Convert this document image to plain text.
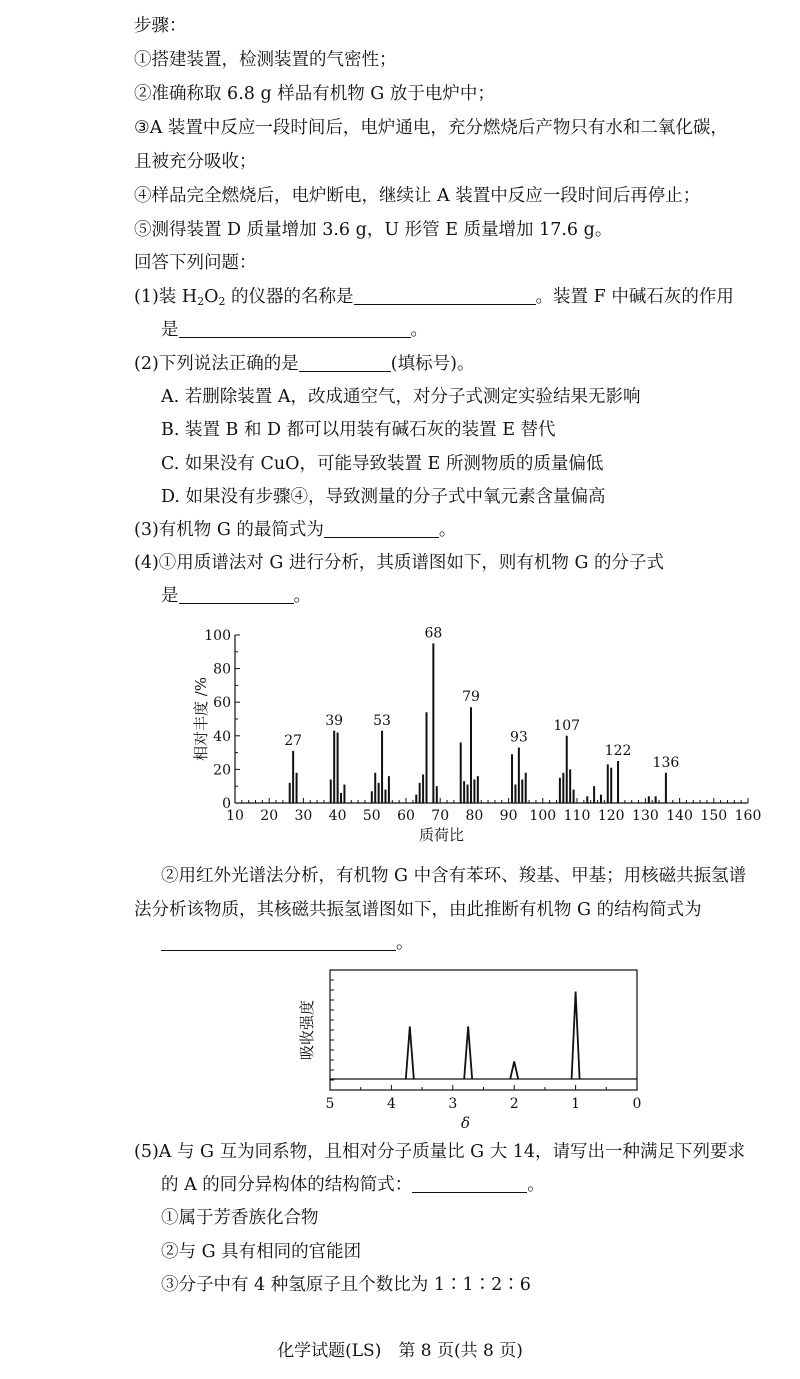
步骤：
①搭建装置，检测装置的气密性；
②准确称取 6.8 g 样品有机物 G 放于电炉中；
③A 装置中反应一段时间后，电炉通电，充分燃烧后产物只有水和二氧化碳，
且被充分吸收；
④样品完全燃烧后，电炉断电，继续让 A 装置中反应一段时间后再停止；
⑤测得装置 D 质量增加 3.6 g，U 形管 E 质量增加 17.6 g。
回答下列问题：
(1)装 $H_2O_2$ 的仪器的名称是	。装置 F 中碱石灰的作用
是	。
(2)下列说法正确的是	(填标号)。
A. 若删除装置 A，改成通空气，对分子式测定实验结果无影响
B. 装置 B 和 D 都可以用装有碱石灰的装置 E 替代
C. 如果没有 CuO，可能导致装置 E 所测物质的质量偏低
D. 如果没有步骤④，导致测量的分子式中氧元素含量偏高
(3)有机物 G 的最简式为	。
(4)①用质谱法对 G 进行分析，其质谱图如下，则有机物 G 的分子式
是	。
0
20
40
60
80
100
10 20 30 40 50 60 70 80 90 100 110 120 130 140 150 160
27
39 53
68
79
93
107
122
136
质荷比
相对丰度 /%
②用红外光谱法分析，有机物 G 中含有苯环、羧基、甲基；用核磁共振氢谱
法分析该物质，其核磁共振氢谱图如下，由此推断有机物 G 的结构简式为
。
5	4	3	2	1	0
吸收强度
δ
(5)A 与 G 互为同系物，且相对分子质量比 G 大 14，请写出一种满足下列要求
的 A 的同分异构体的结构简式：	。
①属于芳香族化合物
②与 G 具有相同的官能团
③分子中有 4 种氢原子且个数比为 1∶1∶2∶6
化学试题(LS)　第 8 页(共 8 页)
